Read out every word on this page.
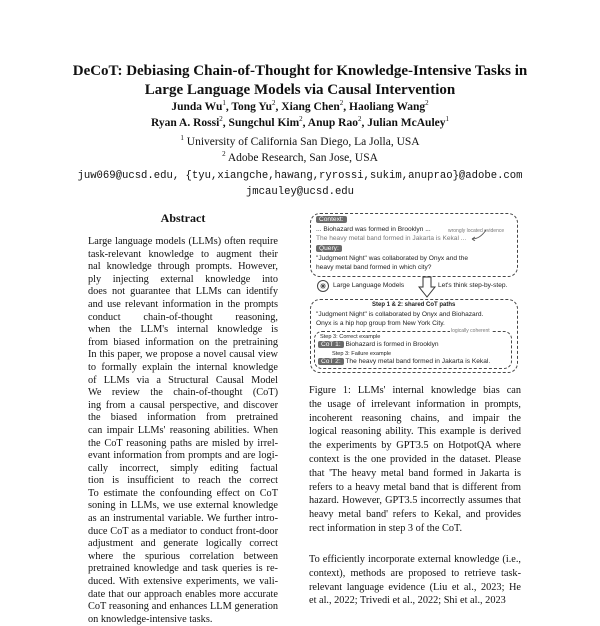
DeCoT: Debiasing Chain-of-Thought for Knowledge-Intensive Tasks in
Large Language Models via Causal Intervention
Junda Wu$^1$, Tong Yu$^2$, Xiang Chen$^2$, Haoliang Wang$^2$
Ryan A. Rossi$^2$, Sungchul Kim$^2$, Anup Rao$^2$, Julian McAuley$^1$
$^1$ University of California San Diego, La Jolla, USA
$^2$ Adobe Research, San Jose, USA
juw069@ucsd.edu, {tyu,xiangche,hawang,ryrossi,sukim,anuprao}@adobe.com
jmcauley@ucsd.edu
Abstract
Large language models (LLMs) often require
task-relevant knowledge to augment their
nal knowledge through prompts. However,
ply injecting external knowledge into
does not guarantee that LLMs can identify
and use relevant information in the prompts
conduct chain-of-thought reasoning,
when the LLM's internal knowledge is
from biased information on the pretraining
In this paper, we propose a novel causal view
to formally explain the internal knowledge
of LLMs via a Structural Causal Model
We review the chain-of-thought (CoT)
ing from a causal perspective, and discover
the biased information from pretrained
can impair LLMs' reasoning abilities. When
the CoT reasoning paths are misled by irrel-
evant information from prompts and are logi-
cally incorrect, simply editing factual
tion is insufficient to reach the correct
To estimate the confounding effect on CoT
soning in LLMs, we use external knowledge
as an instrumental variable. We further intro-
duce CoT as a mediator to conduct front-door
adjustment and generate logically correct
where the spurious correlation between
pretrained knowledge and task queries is re-
duced. With extensive experiments, we vali-
date that our approach enables more accurate
CoT reasoning and enhances LLM generation
on knowledge-intensive tasks.
Context:
... Biohazard was formed in Brooklyn ...	wrongly located evidence
The heavy metal band formed in Jakarta is Kekal ...
Query:
"Judgment Night" was collaborated by Onyx and the
heavy metal band formed in which city?
Large Language Models	Let's think step-by-step.
Step 1 & 2: shared CoT paths
"Judgment Night" is collaborated by Onyx and Biohazard.
Onyx is a hip hop group from New York City.
logically coherent
Step 3: Correct example
CoT 1: Biohazard is formed in Brooklyn
Step 3: Failure example
CoT 2: The heavy metal band formed in Jakarta is Kekal.
Figure 1: LLMs' internal knowledge bias can
the usage of irrelevant information in prompts,
incoherent reasoning chains, and impair the
logical reasoning ability. This example is derived
the experiments by GPT3.5 on HotpotQA where
context is the one provided in the dataset. Please
that 'The heavy metal band formed in Jakarta is
refers to a heavy metal band that is different from
hazard. However, GPT3.5 incorrectly assumes that
heavy metal band' refers to Kekal, and provides
rect information in step 3 of the CoT.
To efficiently incorporate external knowledge (i.e.,
context), methods are proposed to retrieve task-
relevant language evidence (Liu et al., 2023; He
et al., 2022; Trivedi et al., 2022; Shi et al., 2023
